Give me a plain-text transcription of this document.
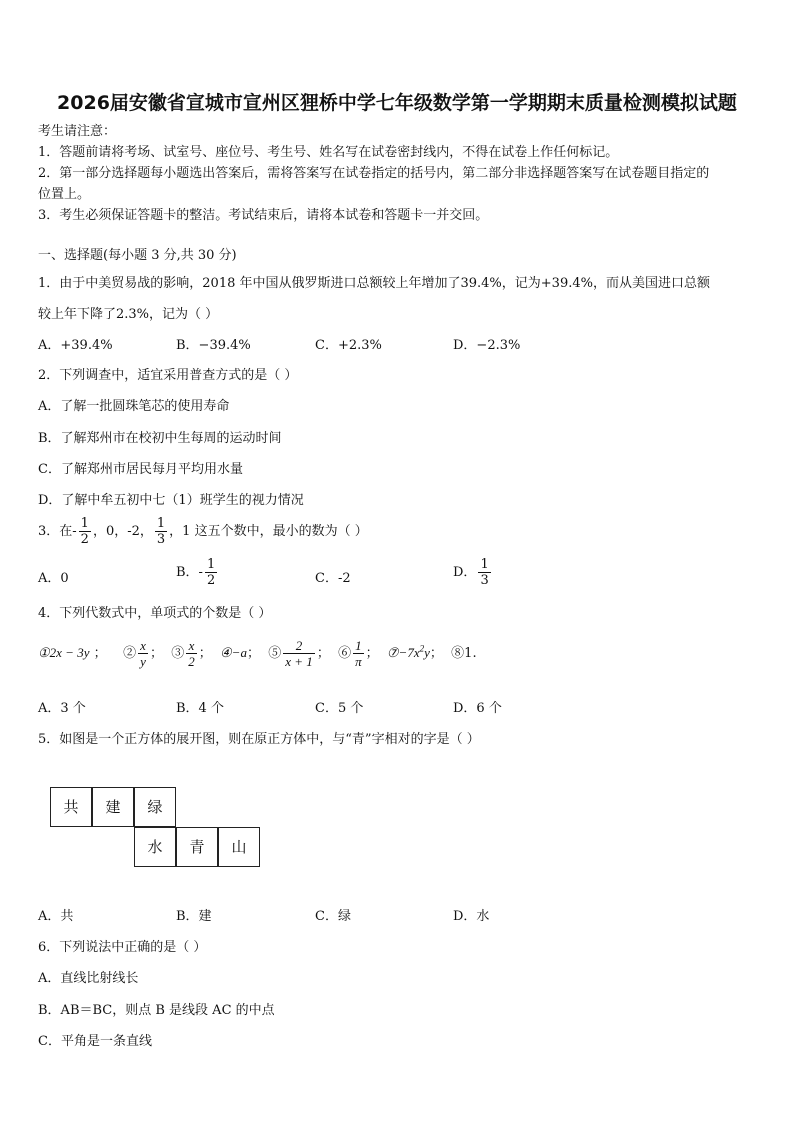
2026届安徽省宣城市宣州区狸桥中学七年级数学第一学期期末质量检测模拟试题
考生请注意：
1．答题前请将考场、试室号、座位号、考生号、姓名写在试卷密封线内，不得在试卷上作任何标记。
2．第一部分选择题每小题选出答案后，需将答案写在试卷指定的括号内，第二部分非选择题答案写在试卷题目指定的
位置上。
3．考生必须保证答题卡的整洁。考试结束后，请将本试卷和答题卡一并交回。
一、选择题(每小题 3 分,共 30 分)
1．由于中美贸易战的影响，2018 年中国从俄罗斯进口总额较上年增加了39.4%，记为+39.4%，而从美国进口总额
较上年下降了2.3%，记为（ ）
A．+39.4%	B．−39.4%	C．+2.3%	D．−2.3%
2．下列调查中，适宜采用普查方式的是（ ）
A．了解一批圆珠笔芯的使用寿命
B．了解郑州市在校初中生每周的运动时间
C．了解郑州市居民每月平均用水量
D．了解中牟五初中七（1）班学生的视力情况
3．在- $\frac{1}{2}$ ，0，-2， $\frac{1}{3}$ ，1 这五个数中，最小的数为（ ）
A．0	B．- $\frac{1}{2}$	C．-2	D． $\frac{1}{3}$
4．下列代数式中，单项式的个数是（ ）
①2x − 3y ； ② $\frac{x}{y}$ ； ③ $\frac{x}{2}$ ； ④−a； ⑤ $\frac{2}{x + 1}$ ； ⑥ $\frac{1}{\pi}$ ； $⑦-7x^2y$； ⑧1.
A．3 个	B．4 个	C．5 个	D．6 个
5．如图是一个正方体的展开图，则在原正方体中，与“青”字相对的字是（ ）
共	建	绿
水	青	山
A．共	B．建	C．绿	D．水
6．下列说法中正确的是（ ）
A．直线比射线长
B．AB＝BC，则点 B 是线段 AC 的中点
C．平角是一条直线
